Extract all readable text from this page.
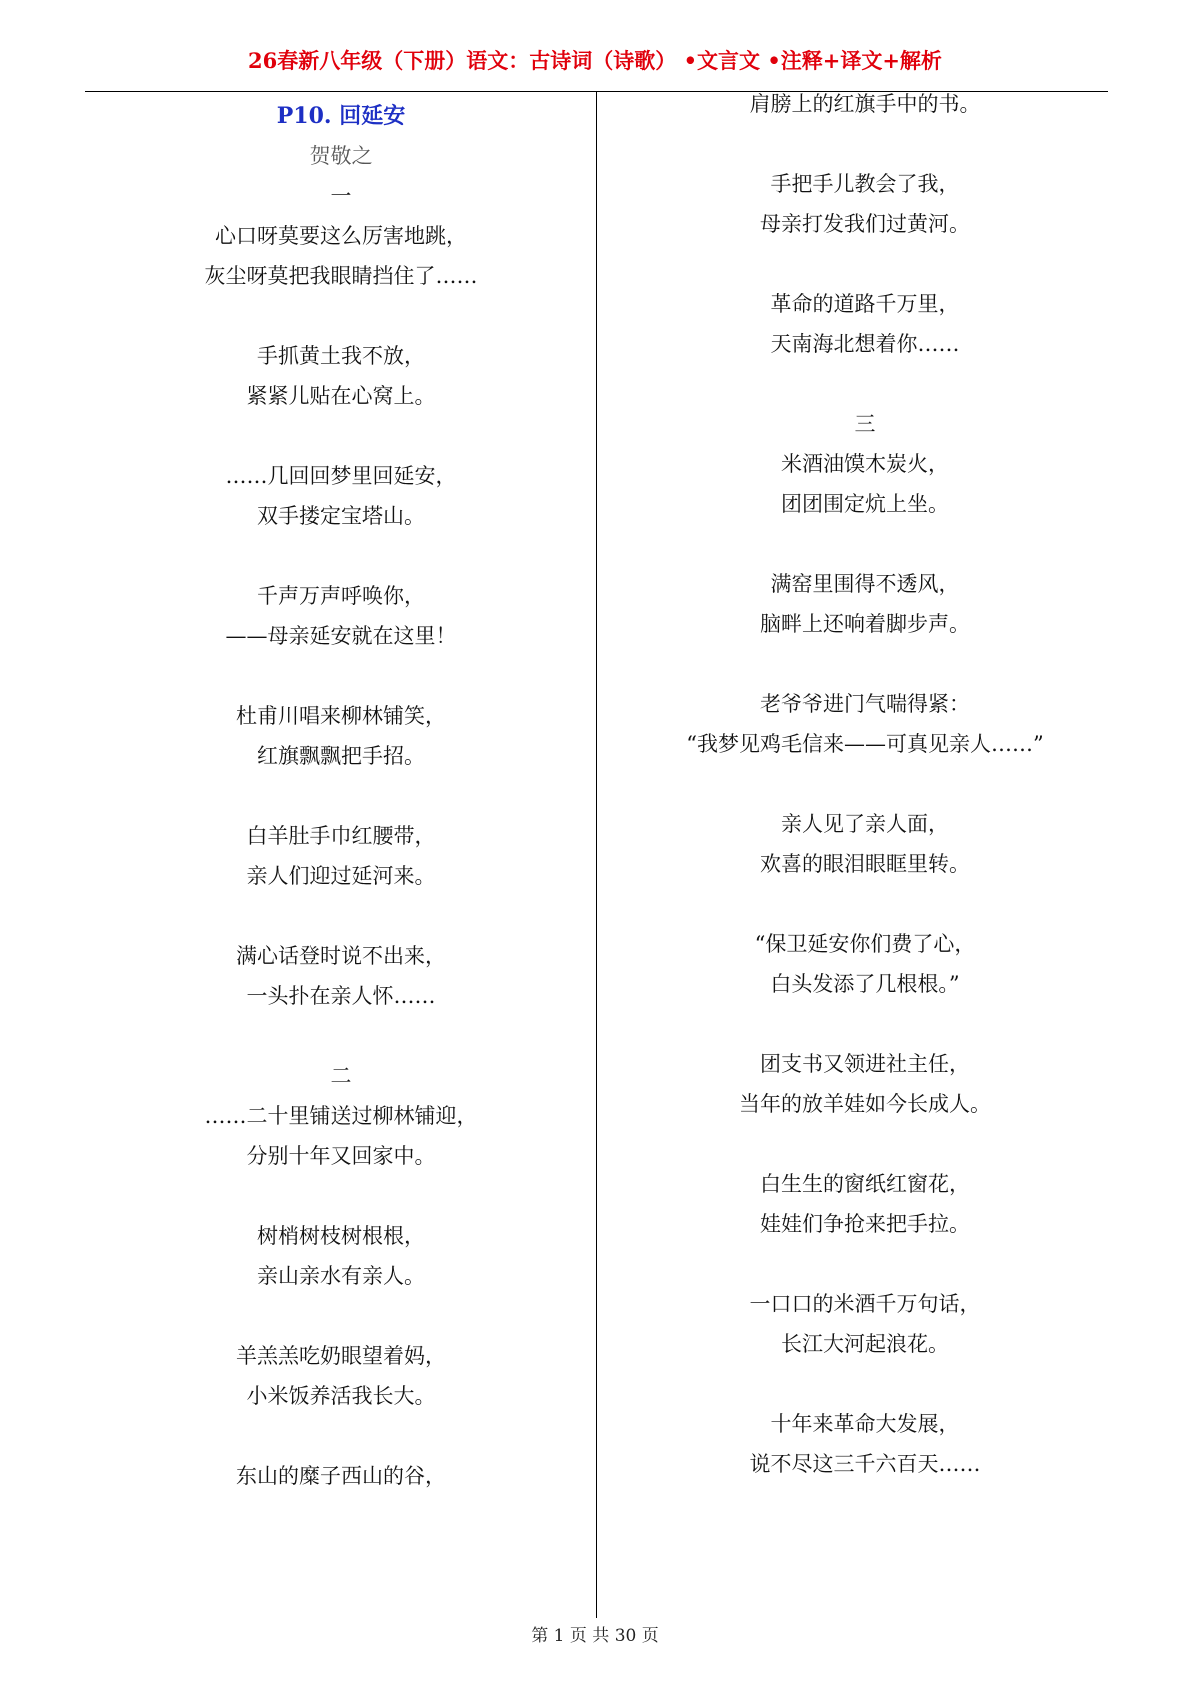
26春新八年级（下册）语文：古诗词（诗歌） •文言文 •注释+译文+解析
P10. 回延安
贺敬之
一
心口呀莫要这么厉害地跳，
灰尘呀莫把我眼睛挡住了……
手抓黄土我不放，
紧紧儿贴在心窝上。
……几回回梦里回延安，
双手搂定宝塔山。
千声万声呼唤你，
——母亲延安就在这里！
杜甫川唱来柳林铺笑，
红旗飘飘把手招。
白羊肚手巾红腰带，
亲人们迎过延河来。
满心话登时说不出来，
一头扑在亲人怀……
二
……二十里铺送过柳林铺迎，
分别十年又回家中。
树梢树枝树根根，
亲山亲水有亲人。
羊羔羔吃奶眼望着妈，
小米饭养活我长大。
东山的糜子西山的谷，
肩膀上的红旗手中的书。
手把手儿教会了我，
母亲打发我们过黄河。
革命的道路千万里，
天南海北想着你……
三
米酒油馍木炭火，
团团围定炕上坐。
满窑里围得不透风，
脑畔上还响着脚步声。
老爷爷进门气喘得紧：
“我梦见鸡毛信来——可真见亲人……”
亲人见了亲人面，
欢喜的眼泪眼眶里转。
“保卫延安你们费了心，
白头发添了几根根。”
团支书又领进社主任，
当年的放羊娃如今长成人。
白生生的窗纸红窗花，
娃娃们争抢来把手拉。
一口口的米酒千万句话，
长江大河起浪花。
十年来革命大发展，
说不尽这三千六百天……
第 1 页 共 30 页
